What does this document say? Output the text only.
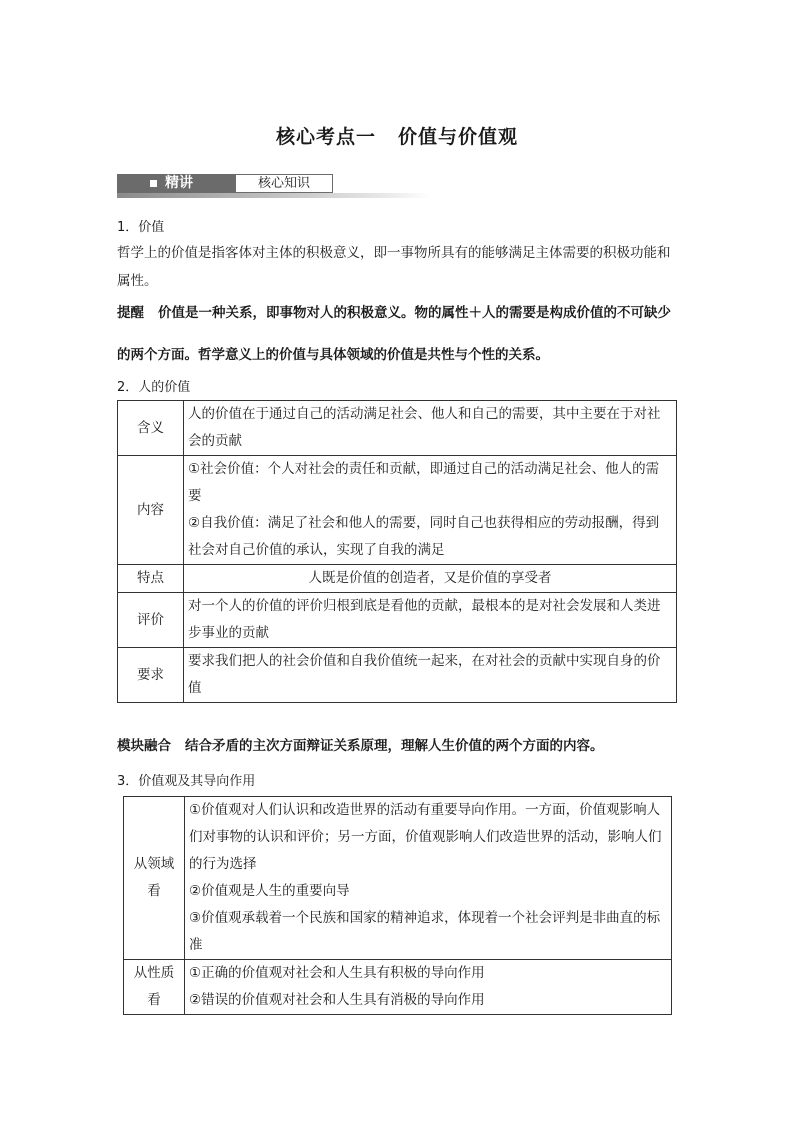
核心考点一 价值与价值观
精讲	核心知识
1．价值
哲学上的价值是指客体对主体的积极意义，即一事物所具有的能够满足主体需要的积极功能和属性。
提醒 价值是一种关系，即事物对人的积极意义。物的属性＋人的需要是构成价值的不可缺少的两个方面。哲学意义上的价值与具体领域的价值是共性与个性的关系。
2．人的价值
含义	人的价值在于通过自己的活动满足社会、他人和自己的需要，其中主要在于对社会的贡献
内容	①社会价值：个人对社会的责任和贡献，即通过自己的活动满足社会、他人的需要
②自我价值：满足了社会和他人的需要，同时自己也获得相应的劳动报酬，得到社会对自己价值的承认，实现了自我的满足

特点	人既是价值的创造者，又是价值的享受者
评价	对一个人的价值的评价归根到底是看他的贡献，最根本的是对社会发展和人类进步事业的贡献
要求	要求我们把人的社会价值和自我价值统一起来，在对社会的贡献中实现自身的价值
模块融合 结合矛盾的主次方面辩证关系原理，理解人生价值的两个方面的内容。
3．价值观及其导向作用
从领域看	①价值观对人们认识和改造世界的活动有重要导向作用。一方面，价值观影响人们对事物的认识和评价；另一方面，价值观影响人们改造世界的活动，影响人们的行为选择
②价值观是人生的重要向导
③价值观承载着一个民族和国家的精神追求，体现着一个社会评判是非曲直的标准

从性质看	①正确的价值观对社会和人生具有积极的导向作用
②错误的价值观对社会和人生具有消极的导向作用
